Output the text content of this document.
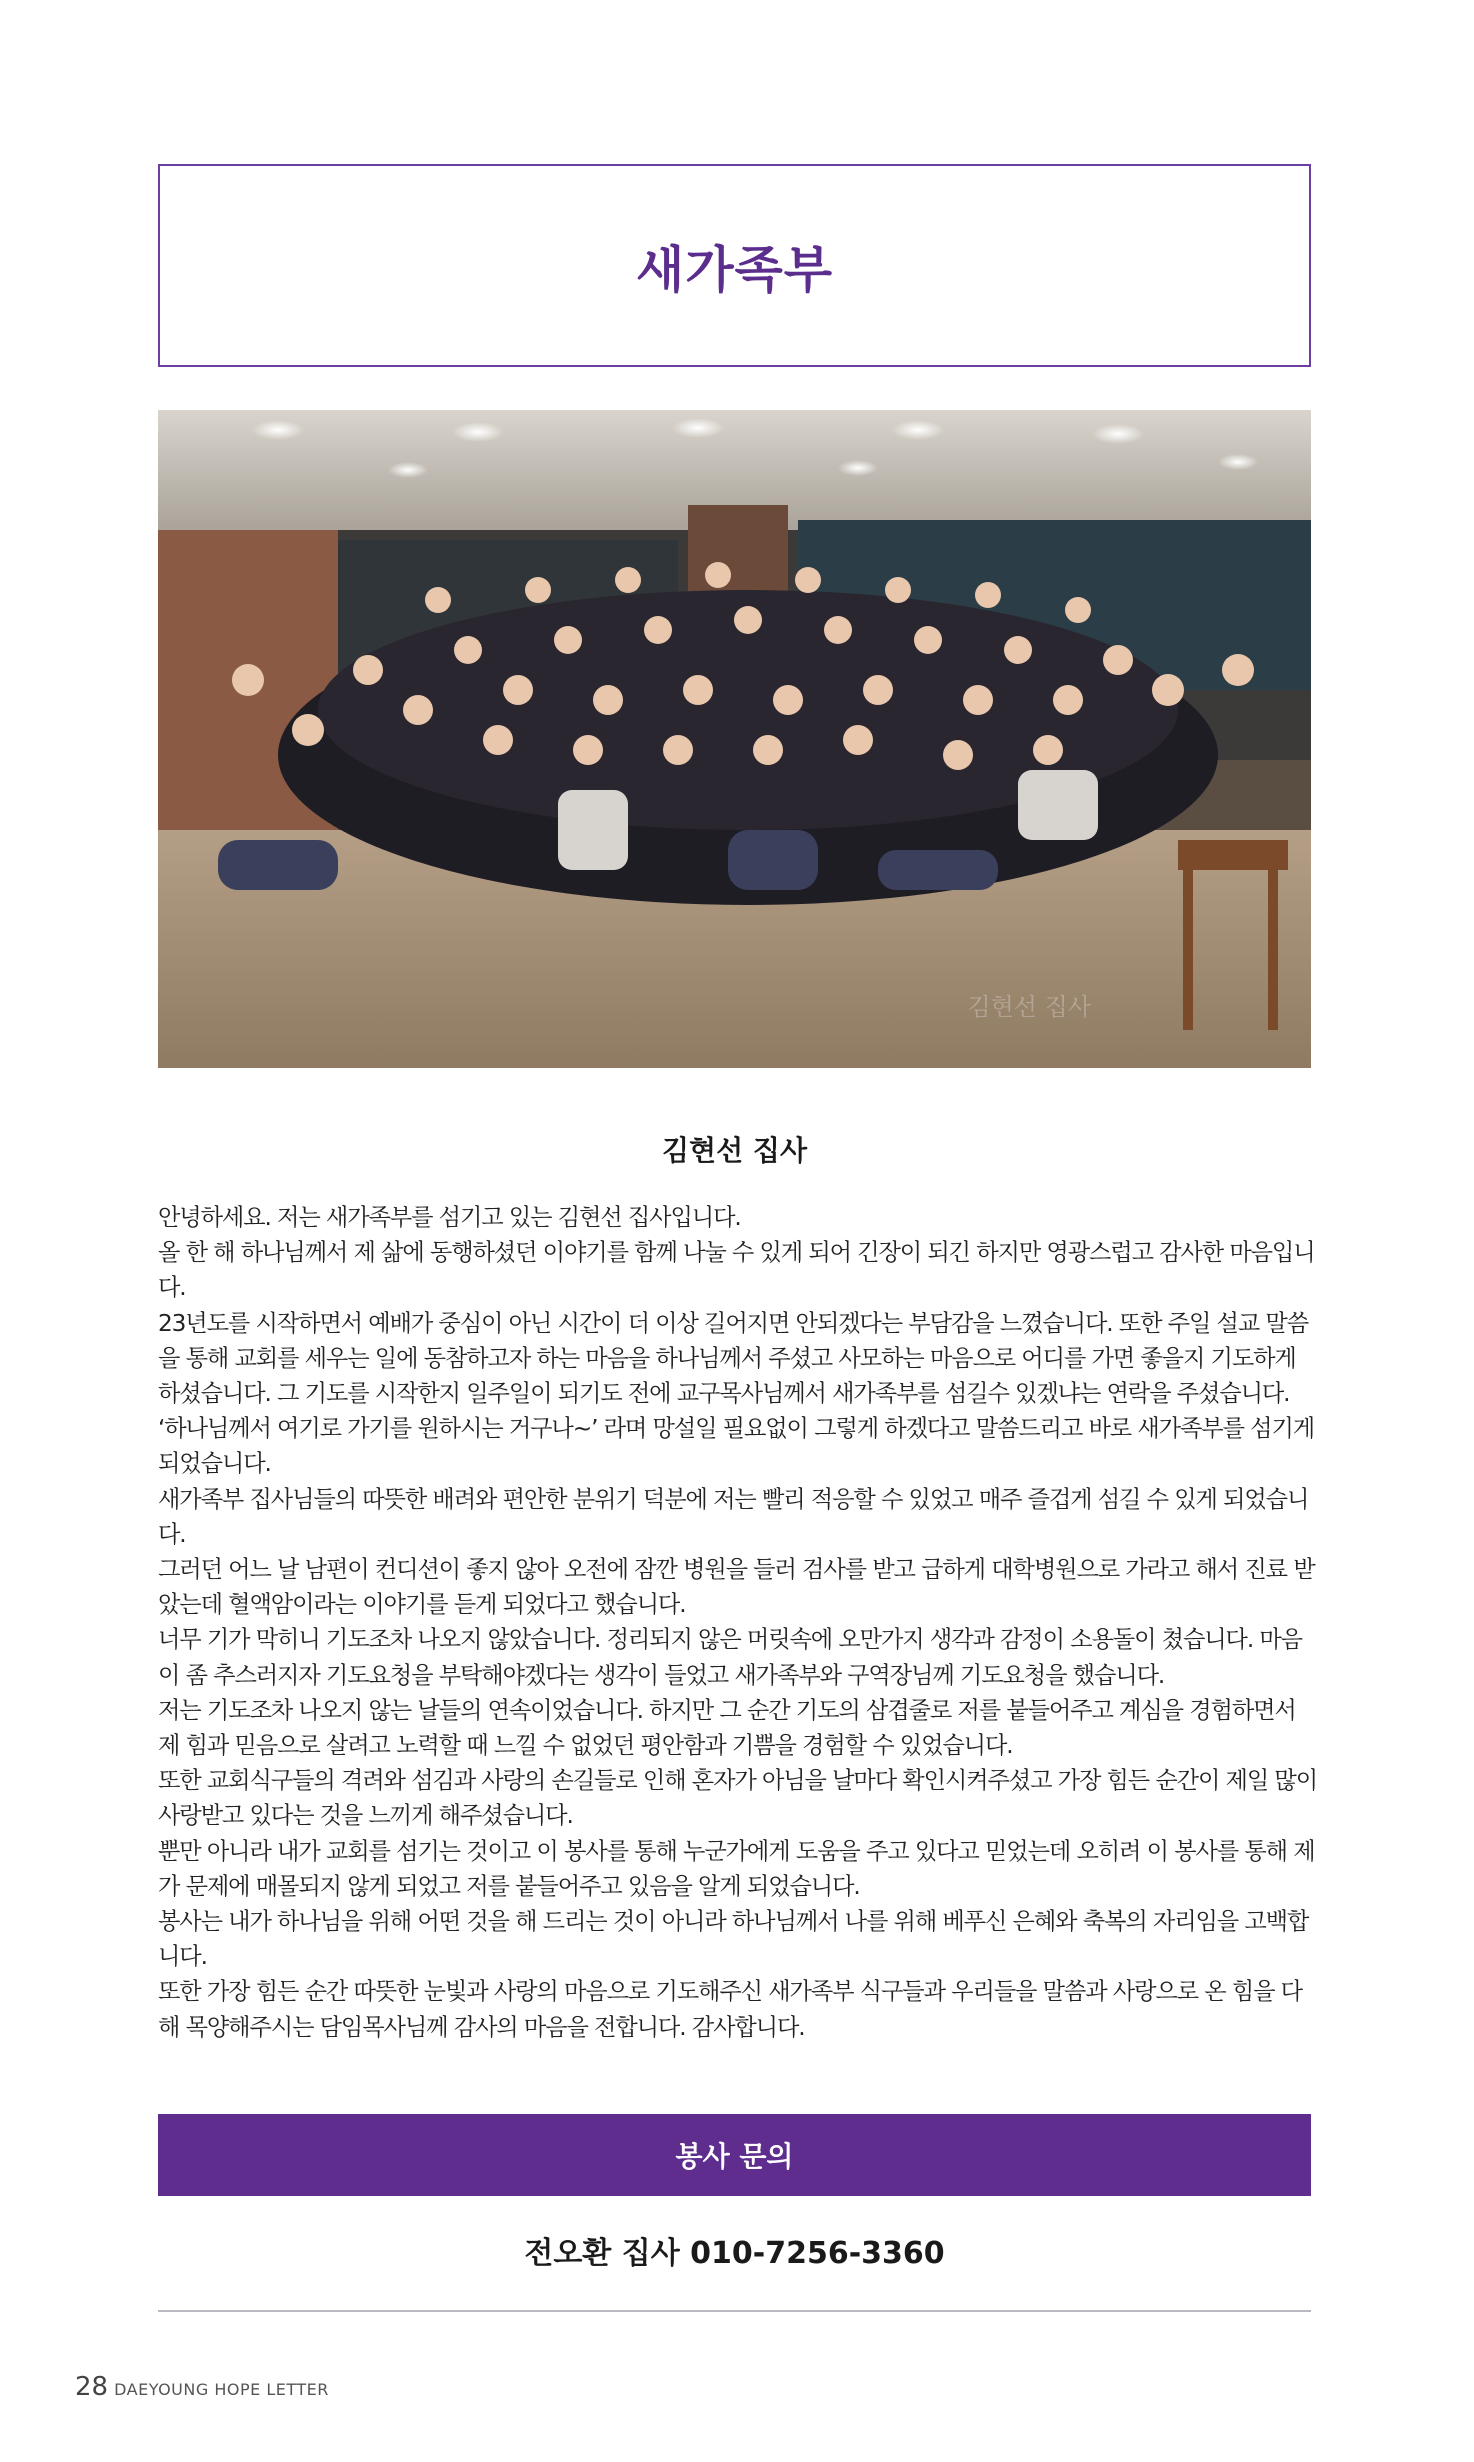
새가족부
김현선 집사
김현선 집사

안녕하세요. 저는 새가족부를 섬기고 있는 김현선 집사입니다.

올 한 해 하나님께서 제 삶에 동행하셨던 이야기를 함께 나눌 수 있게 되어 긴장이 되긴 하지만 영광스럽고 감사한 마음입니다.

23년도를 시작하면서 예배가 중심이 아닌 시간이 더 이상 길어지면 안되겠다는 부담감을 느꼈습니다. 또한 주일 설교 말씀을 통해 교회를 세우는 일에 동참하고자 하는 마음을 하나님께서 주셨고 사모하는 마음으로 어디를 가면 좋을지 기도하게 하셨습니다. 그 기도를 시작한지 일주일이 되기도 전에 교구목사님께서 새가족부를 섬길수 있겠냐는 연락을 주셨습니다. ‘하나님께서 여기로 가기를 원하시는 거구나~’ 라며 망설일 필요없이 그렇게 하겠다고 말씀드리고 바로 새가족부를 섬기게 되었습니다.

새가족부 집사님들의 따뜻한 배려와 편안한 분위기 덕분에 저는 빨리 적응할 수 있었고 매주 즐겁게 섬길 수 있게 되었습니다.

그러던 어느 날 남편이 컨디션이 좋지 않아 오전에 잠깐 병원을 들러 검사를 받고 급하게 대학병원으로 가라고 해서 진료 받았는데 혈액암이라는 이야기를 듣게 되었다고 했습니다.

너무 기가 막히니 기도조차 나오지 않았습니다. 정리되지 않은 머릿속에 오만가지 생각과 감정이 소용돌이 쳤습니다. 마음이 좀 추스러지자 기도요청을 부탁해야겠다는 생각이 들었고 새가족부와 구역장님께 기도요청을 했습니다.

저는 기도조차 나오지 않는 날들의 연속이었습니다. 하지만 그 순간 기도의 삼겹줄로 저를 붙들어주고 계심을 경험하면서 제 힘과 믿음으로 살려고 노력할 때 느낄 수 없었던 평안함과 기쁨을 경험할 수 있었습니다.

또한 교회식구들의 격려와 섬김과 사랑의 손길들로 인해 혼자가 아님을 날마다 확인시켜주셨고 가장 힘든 순간이 제일 많이 사랑받고 있다는 것을 느끼게 해주셨습니다.

뿐만 아니라 내가 교회를 섬기는 것이고 이 봉사를 통해 누군가에게 도움을 주고 있다고 믿었는데 오히려 이 봉사를 통해 제가 문제에 매몰되지 않게 되었고 저를 붙들어주고 있음을 알게 되었습니다.

봉사는 내가 하나님을 위해 어떤 것을 해 드리는 것이 아니라 하나님께서 나를 위해 베푸신 은혜와 축복의 자리임을 고백합니다.

또한 가장 힘든 순간 따뜻한 눈빛과 사랑의 마음으로 기도해주신 새가족부 식구들과 우리들을 말씀과 사랑으로 온 힘을 다해 목양해주시는 담임목사님께 감사의 마음을 전합니다. 감사합니다.

봉사 문의
전오환 집사 010-7256-3360
28 DAEYOUNG HOPE LETTER
